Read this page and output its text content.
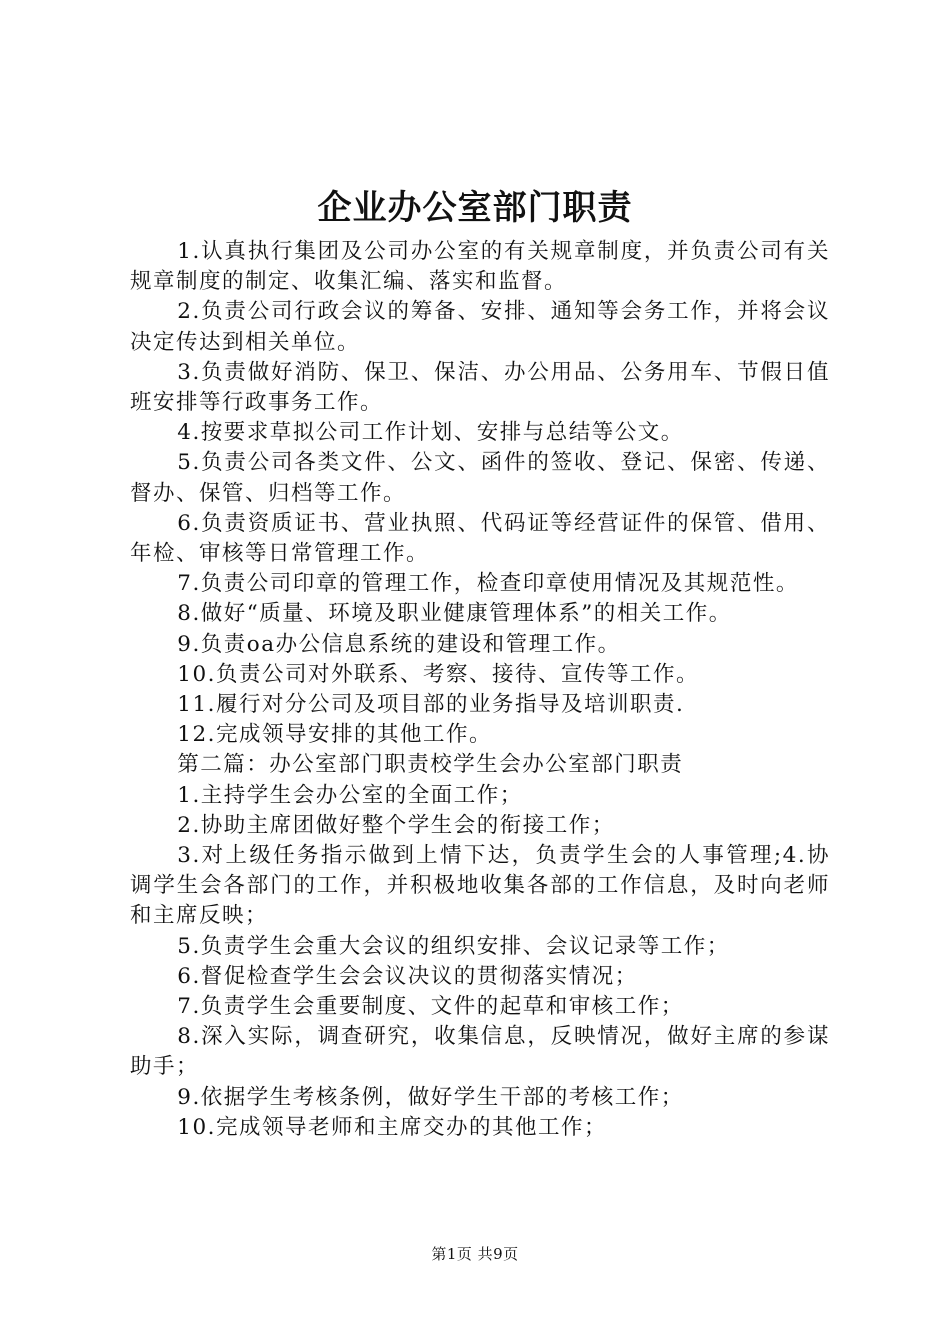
企业办公室部门职责

1.认真执行集团及公司办公室的有关规章制度，并负责公司有关规章制度的制定、收集汇编、落实和监督。

2.负责公司行政会议的筹备、安排、通知等会务工作，并将会议决定传达到相关单位。

3.负责做好消防、保卫、保洁、办公用品、公务用车、节假日值班安排等行政事务工作。

4.按要求草拟公司工作计划、安排与总结等公文。

5.负责公司各类文件、公文、函件的签收、登记、保密、传递、督办、保管、归档等工作。

6.负责资质证书、营业执照、代码证等经营证件的保管、借用、年检、审核等日常管理工作。

7.负责公司印章的管理工作，检查印章使用情况及其规范性。

8.做好“质量、环境及职业健康管理体系”的相关工作。

9.负责oa办公信息系统的建设和管理工作。

10.负责公司对外联系、考察、接待、宣传等工作。

11.履行对分公司及项目部的业务指导及培训职责.

12.完成领导安排的其他工作。

第二篇：办公室部门职责校学生会办公室部门职责

1.主持学生会办公室的全面工作；

2.协助主席团做好整个学生会的衔接工作；

3.对上级任务指示做到上情下达，负责学生会的人事管理;4.协调学生会各部门的工作，并积极地收集各部的工作信息，及时向老师和主席反映；

5.负责学生会重大会议的组织安排、会议记录等工作；

6.督促检查学生会会议决议的贯彻落实情况；

7.负责学生会重要制度、文件的起草和审核工作；

8.深入实际，调查研究，收集信息，反映情况，做好主席的参谋助手；

9.依据学生考核条例，做好学生干部的考核工作；

10.完成领导老师和主席交办的其他工作；

第1页 共9页
